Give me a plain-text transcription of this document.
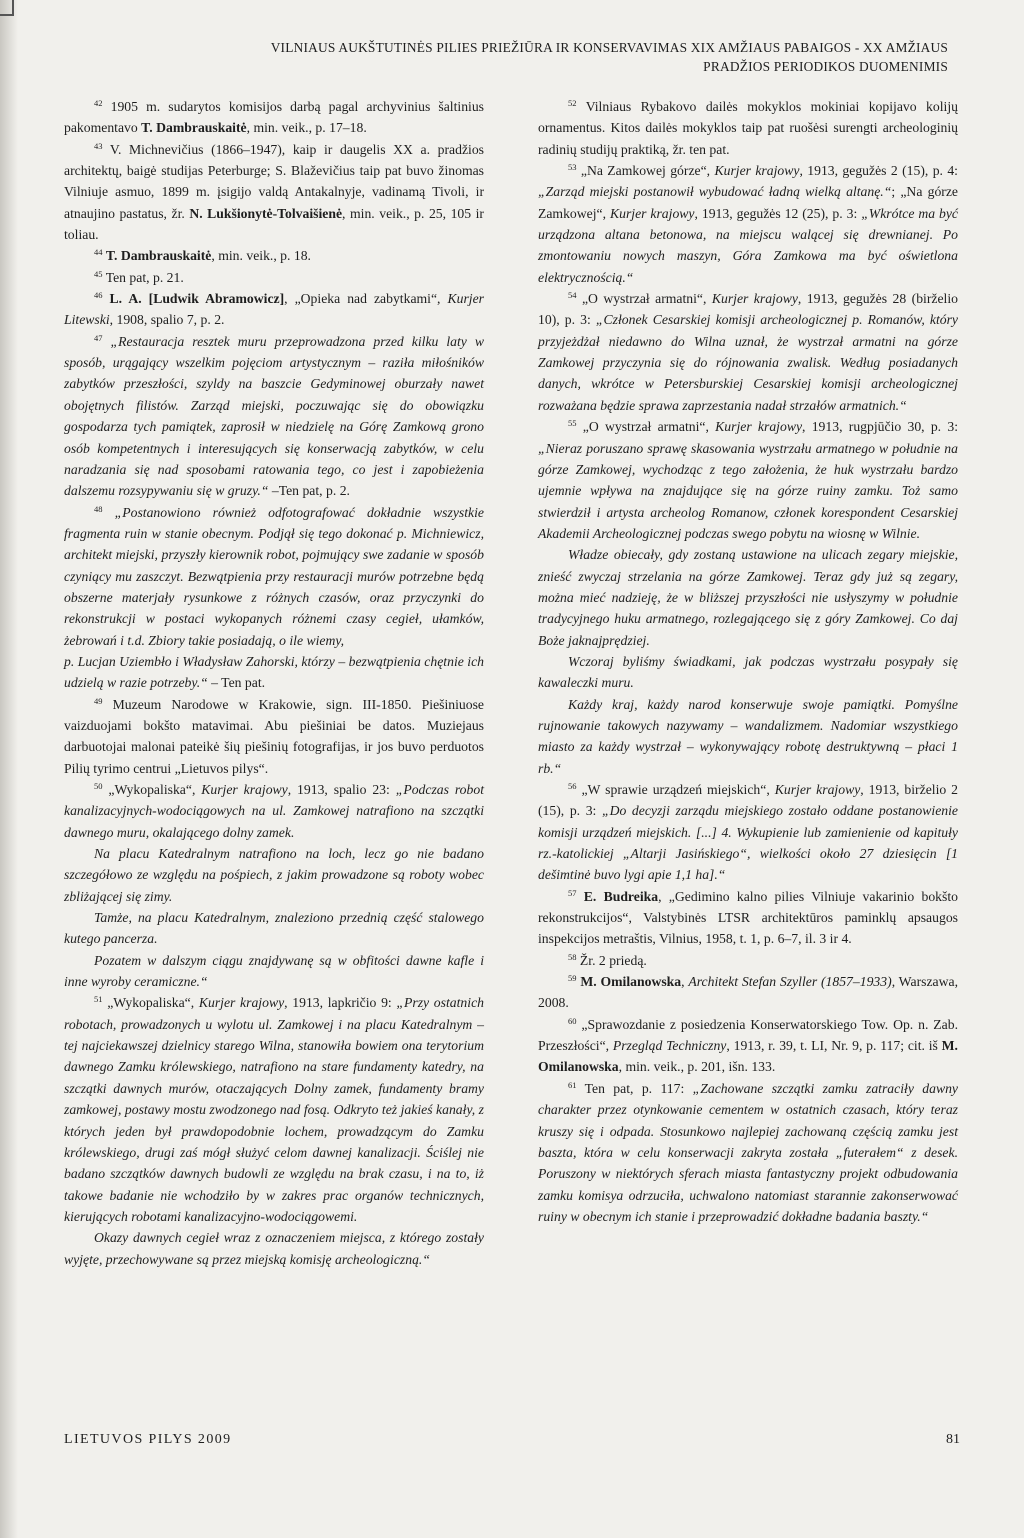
VILNIAUS AUKŠTUTINĖS PILIES PRIEŽIŪRA IR KONSERVAVIMAS XIX AMŽIAUS PABAIGOS - XX AMŽIAUS
PRADŽIOS PERIODIKOS DUOMENIMIS

$^{42}$ 1905 m. sudarytos komisijos darbą pagal archyvinius šaltinius pakomentavo T. Dambrauskaitė, min. veik., p. 17–18.

$^{43}$ V. Michnevičius (1866–1947), kaip ir daugelis XX a. pradžios architektų, baigė studijas Peterburge; S. Blaževičius taip pat buvo žinomas Vilniuje asmuo, 1899 m. įsigijo valdą Antakalnyje, vadinamą Tivoli, ir atnaujino pastatus, žr. N. Lukšionytė-Tolvaišienė, min. veik., p. 25, 105 ir toliau.

$^{44}$ T. Dambrauskaitė, min. veik., p. 18.

$^{45}$ Ten pat, p. 21.

$^{46}$ L. A. [Ludwik Abramowicz], „Opieka nad zabytkami“, Kurjer Litewski, 1908, spalio 7, p. 2.

$^{47}$ „Restauracja resztek muru przeprowadzona przed kilku laty w sposób, urągający wszelkim pojęciom artystycznym – raziła miłośników zabytków przeszłości, szyldy na baszcie Gedyminowej oburzały nawet obojętnych filistów. Zarząd miejski, poczuwając się do obowiązku gospodarza tych pamiątek, zaprosił w niedzielę na Górę Zamkową grono osób kompetentnych i interesujących się konserwacją zabytków, w celu naradzania się nad sposobami ratowania tego, co jest i zapobieżenia dalszemu rozsypywaniu się w gruzy.“ –Ten pat, p. 2.

$^{48}$ „Postanowiono również odfotografować dokładnie wszystkie fragmenta ruin w stanie obecnym. Podjął się tego dokonać p. Michniewicz, architekt miejski, przyszły kierownik robot, pojmujący swe zadanie w sposób czyniący mu zaszczyt. Bezwątpienia przy restauracji murów potrzebne będą obszerne materjały rysunkowe z różnych czasów, oraz przyczynki do rekonstrukcji w postaci wykopanych różnemi czasy cegieł, ułamków, żebrowań i t.d. Zbiory takie posiadają, o ile wiemy,

p. Lucjan Uziembło i Władysław Zahorski, którzy – bezwątpienia chętnie ich udzielą w razie potrzeby.“ – Ten pat.

$^{49}$ Muzeum Narodowe w Krakowie, sign. III-1850. Piešiniuose vaizduojami bokšto matavimai. Abu piešiniai be datos. Muziejaus darbuotojai malonai pateikė šių piešinių fotografijas, ir jos buvo perduotos Pilių tyrimo centrui „Lietuvos pilys“.

$^{50}$ „Wykopaliska“, Kurjer krajowy, 1913, spalio 23: „Podczas robot kanalizacyjnych-wodociągowych na ul. Zamkowej natrafiono na szczątki dawnego muru, okalającego dolny zamek.

Na placu Katedralnym natrafiono na loch, lecz go nie badano szczegółowo ze względu na pośpiech, z jakim prowadzone są roboty wobec zbliżającej się zimy.

Tamże, na placu Katedralnym, znaleziono przednią część stalowego kutego pancerza.

Pozatem w dalszym ciągu znajdywanę są w obfitości dawne kafle i inne wyroby ceramiczne.“

$^{51}$ „Wykopaliska“, Kurjer krajowy, 1913, lapkričio 9: „Przy ostatnich robotach, prowadzonych u wylotu ul. Zamkowej i na placu Katedralnym – tej najciekawszej dzielnicy starego Wilna, stanowiła bowiem ona terytorium dawnego Zamku królewskiego, natrafiono na stare fundamenty katedry, na szczątki dawnych murów, otaczających Dolny zamek, fundamenty bramy zamkowej, postawy mostu zwodzonego nad fosą. Odkryto też jakieś kanały, z których jeden był prawdopodobnie lochem, prowadzącym do Zamku królewskiego, drugi zaś mógł służyć celom dawnej kanalizacji. Ściślej nie badano szczątków dawnych budowli ze względu na brak czasu, i na to, iż takowe badanie nie wchodziło by w zakres prac organów technicznych, kierujących robotami kanalizacyjno-wodociągowemi.

Okazy dawnych cegieł wraz z oznaczeniem miejsca, z którego zostały wyjęte, przechowywane są przez miejską komisję archeologiczną.“

$^{52}$ Vilniaus Rybakovo dailės mokyklos mokiniai kopijavo kolijų ornamentus. Kitos dailės mokyklos taip pat ruošėsi surengti archeologinių radinių studijų praktiką, žr. ten pat.

$^{53}$ „Na Zamkowej górze“, Kurjer krajowy, 1913, gegužės 2 (15), p. 4: „Zarząd miejski postanowił wybudować ładną wielką altanę.“; „Na górze Zamkowej“, Kurjer krajowy, 1913, gegužės 12 (25), p. 3: „Wkrótce ma być urządzona altana betonowa, na miejscu walącej się drewnianej. Po zmontowaniu nowych maszyn, Góra Zamkowa ma być oświetlona elektrycznością.“

$^{54}$ „O wystrzał armatni“, Kurjer krajowy, 1913, gegužės 28 (birželio 10), p. 3: „Członek Cesarskiej komisji archeologicznej p. Romanów, który przyjeżdżał niedawno do Wilna uznał, że wystrzał armatni na górze Zamkowej przyczynia się do rójnowania zwalisk. Według posiadanych danych, wkrótce w Petersburskiej Cesarskiej komisji archeologicznej rozważana będzie sprawa zaprzestania nadał strzałów armatnich.“

$^{55}$ „O wystrzał armatni“, Kurjer krajowy, 1913, rugpjūčio 30, p. 3: „Nieraz poruszano sprawę skasowania wystrzału armatnego w południe na górze Zamkowej, wychodząc z tego założenia, że huk wystrzału bardzo ujemnie wpływa na znajdujące się na górze ruiny zamku. Toż samo stwierdził i artysta archeolog Romanow, członek korespondent Cesarskiej Akademii Archeologicznej podczas swego pobytu na wiosnę w Wilnie.

Władze obiecały, gdy zostaną ustawione na ulicach zegary miejskie, znieść zwyczaj strzelania na górze Zamkowej. Teraz gdy już są zegary, można mieć nadzieję, że w bliższej przyszłości nie usłyszymy w południe tradycyjnego huku armatnego, rozlegającego się z góry Zamkowej. Co daj Boże jaknajprędziej.

Wczoraj byliśmy świadkami, jak podczas wystrzału posypały się kawaleczki muru.

Każdy kraj, każdy narod konserwuje swoje pamiątki. Pomyślne rujnowanie takowych nazywamy – wandalizmem. Nadomiar wszystkiego miasto za każdy wystrzał – wykonywający robotę destruktywną – płaci 1 rb.“

$^{56}$ „W sprawie urządzeń miejskich“, Kurjer krajowy, 1913, birželio 2 (15), p. 3: „Do decyzji zarządu miejskiego zostało oddane postanowienie komisji urządzeń miejskich. [...] 4. Wykupienie lub zamienienie od kapituły rz.-katolickiej „Altarji Jasińskiego“, wielkości około 27 dziesięcin [1 dešimtinė buvo lygi apie 1,1 ha].“

$^{57}$ E. Budreika, „Gedimino kalno pilies Vilniuje vakarinio bokšto rekonstrukcijos“, Valstybinės LTSR architektūros paminklų apsaugos inspekcijos metraštis, Vilnius, 1958, t. 1, p. 6–7, il. 3 ir 4.

$^{58}$ Žr. 2 priedą.

$^{59}$ M. Omilanowska, Architekt Stefan Szyller (1857–1933), Warszawa, 2008.

$^{60}$ „Sprawozdanie z posiedzenia Konserwatorskiego Tow. Op. n. Zab. Przeszłości“, Przegląd Techniczny, 1913, r. 39, t. LI, Nr. 9, p. 117; cit. iš M. Omilanowska, min. veik., p. 201, išn. 133.

$^{61}$ Ten pat, p. 117: „Zachowane szczątki zamku zatraciły dawny charakter przez otynkowanie cementem w ostatnich czasach, który teraz kruszy się i odpada. Stosunkowo najlepiej zachowaną częścią zamku jest baszta, która w celu konserwacji zakryta została „futerałem“ z desek. Poruszony w niektórych sferach miasta fantastyczny projekt odbudowania zamku komisya odrzuciła, uchwalono natomiast starannie zakonserwować ruiny w obecnym ich stanie i przeprowadzić dokładne badania baszty.“

LIETUVOS PILYS 2009	81
